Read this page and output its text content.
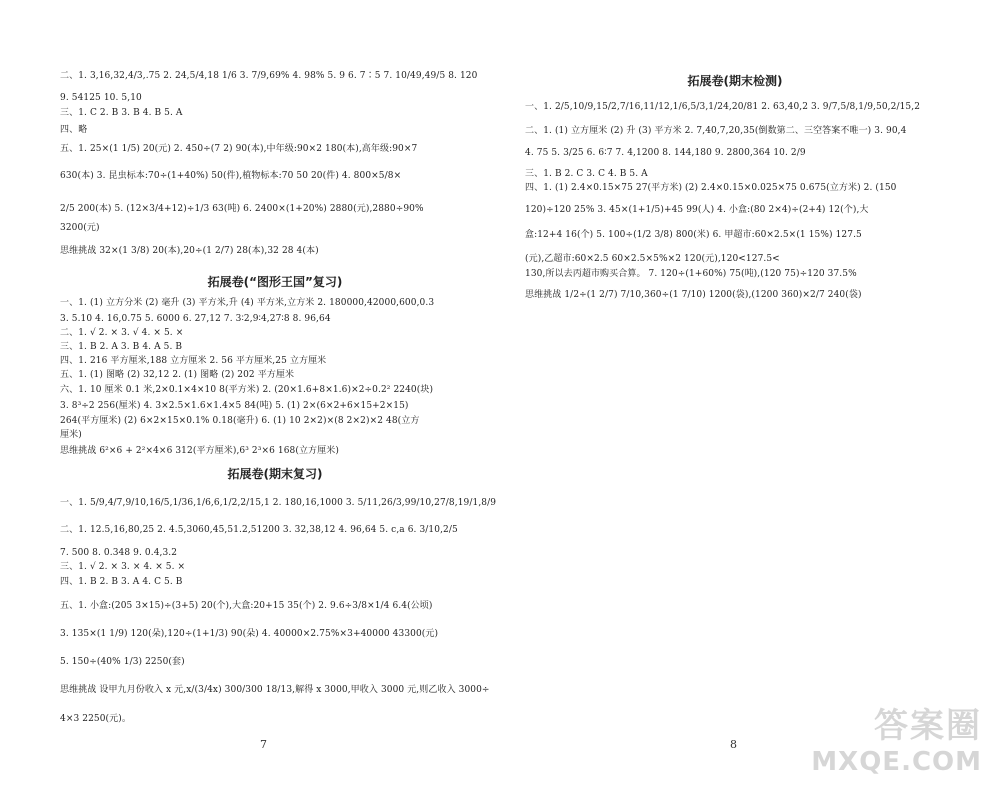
二、1. 3,16,32,4/3,.75 2. 24,5/4,18 1/6 3. 7/9,69% 4. 98% 5. 9 6. 7∶5 7. 10/49,49/5 8. 120
9. 54125 10. 5,10
三、1. C 2. B 3. B 4. B 5. A
四、略
五、1. 25×(1 1/5) 20(元) 2. 450÷(7 2) 90(本),中年级:90×2 180(本),高年级:90×7
630(本) 3. 昆虫标本:70÷(1+40%) 50(件),植物标本:70 50 20(件) 4. 800×5/8×
2/5 200(本) 5. (12×3/4+12)÷1/3 63(吨) 6. 2400×(1+20%) 2880(元),2880÷90%
3200(元)
思维挑战 32×(1 3/8) 20(本),20÷(1 2/7) 28(本),32 28 4(本)
拓展卷(“图形王国”复习)
一、1. (1) 立方分米 (2) 毫升 (3) 平方米,升 (4) 平方米,立方米 2. 180000,42000,600,0.3
3. 5.10 4. 16,0.75 5. 6000 6. 27,12 7. 3∶2,9∶4,27∶8 8. 96,64
二、1. √ 2. × 3. √ 4. × 5. ×
三、1. B 2. A 3. B 4. A 5. B
四、1. 216 平方厘米,188 立方厘米 2. 56 平方厘米,25 立方厘米
五、1. (1) 图略 (2) 32,12 2. (1) 图略 (2) 202 平方厘米
六、1. 10 厘米 0.1 米,2×0.1×4×10 8(平方米) 2. (20×1.6+8×1.6)×2÷0.2² 2240(块)
3. 8³÷2 256(厘米) 4. 3×2.5×1.6×1.4×5 84(吨) 5. (1) 2×(6×2+6×15+2×15)
264(平方厘米) (2) 6×2×15×0.1% 0.18(毫升) 6. (1) 10 2×2)×(8 2×2)×2 48(立方
厘米)
思维挑战 6²×6 + 2²×4×6 312(平方厘米),6³ 2³×6 168(立方厘米)
拓展卷(期末复习)
一、1. 5/9,4/7,9/10,16/5,1/36,1/6,6,1/2,2/15,1 2. 180,16,1000 3. 5/11,26/3,99/10,27/8,19/1,8/9
二、1. 12.5,16,80,25 2. 4.5,3060,45,51.2,51200 3. 32,38,12 4. 96,64 5. c,a 6. 3/10,2/5
7. 500 8. 0.348 9. 0.4,3.2
三、1. √ 2. × 3. × 4. × 5. ×
四、1. B 2. B 3. A 4. C 5. B
五、1. 小盒:(205 3×15)÷(3+5) 20(个),大盒:20+15 35(个) 2. 9.6÷3/8×1/4 6.4(公顷)
3. 135×(1 1/9) 120(朵),120÷(1+1/3) 90(朵) 4. 40000×2.75%×3+40000 43300(元)
5. 150÷(40% 1/3) 2250(套)
思维挑战 设甲九月份收入 x 元,x/(3/4x) 300/300 18/13,解得 x 3000,甲收入 3000 元,则乙收入 3000÷
4×3 2250(元)。
7
拓展卷(期末检测)
一、1. 2/5,10/9,15/2,7/16,11/12,1/6,5/3,1/24,20/81 2. 63,40,2 3. 9/7,5/8,1/9,50,2/15,2
二、1. (1) 立方厘米 (2) 升 (3) 平方米 2. 7,40,7,20,35(倒数第二、三空答案不唯一) 3. 90,4
4. 75 5. 3/25 6. 6∶7 7. 4,1200 8. 144,180 9. 2800,364 10. 2/9
三、1. B 2. C 3. C 4. B 5. A
四、1. (1) 2.4×0.15×75 27(平方米) (2) 2.4×0.15×0.025×75 0.675(立方米) 2. (150
120)÷120 25% 3. 45×(1+1/5)+45 99(人) 4. 小盒:(80 2×4)÷(2+4) 12(个),大
盒:12+4 16(个) 5. 100÷(1/2 3/8) 800(米) 6. 甲超市:60×2.5×(1 15%) 127.5
(元),乙超市:60×2.5 60×2.5×5%×2 120(元),120<127.5<
130,所以去丙超市购买合算。 7. 120÷(1+60%) 75(吨),(120 75)÷120 37.5%
思维挑战 1/2÷(1 2/7) 7/10,360÷(1 7/10) 1200(袋),(1200 360)×2/7 240(袋)
8	答案圈
MXQE.COM
